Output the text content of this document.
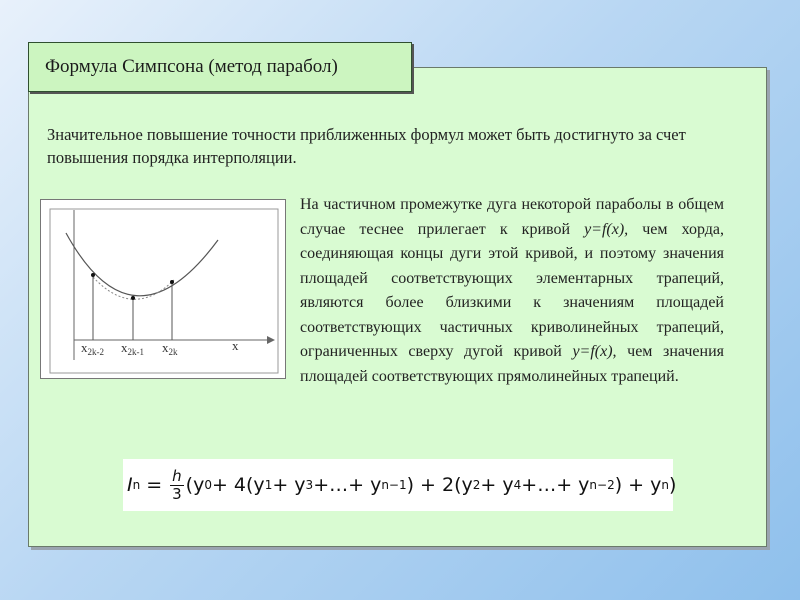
Формула Симпсона (метод парабол)
Значительное повышение точности приближенных формул может быть достигнуто за счет повышения порядка интерполяции.
$x_{2k-2}$ $x_{2k-1}$ $x_{2k}$	x
На частичном промежутке дуга некоторой параболы в общем случае теснее прилегает к кривой y=f(x), чем хорда, соединяющая концы дуги этой кривой, и поэтому значения площадей соответствующих элементарных трапеций, являются более близкими к значениям площадей соответствующих частичных криволинейных трапеций, ограниченных сверху дугой кривой y=f(x), чем значения площадей соответствующих прямолинейных трапеций.
I $n = \frac{h}{3} (y$ 0 + 4(y 1 + y 3 +…+ y n−1 ) + 2(y 2 + y 4 +…+ y n−2 ) + y n )
